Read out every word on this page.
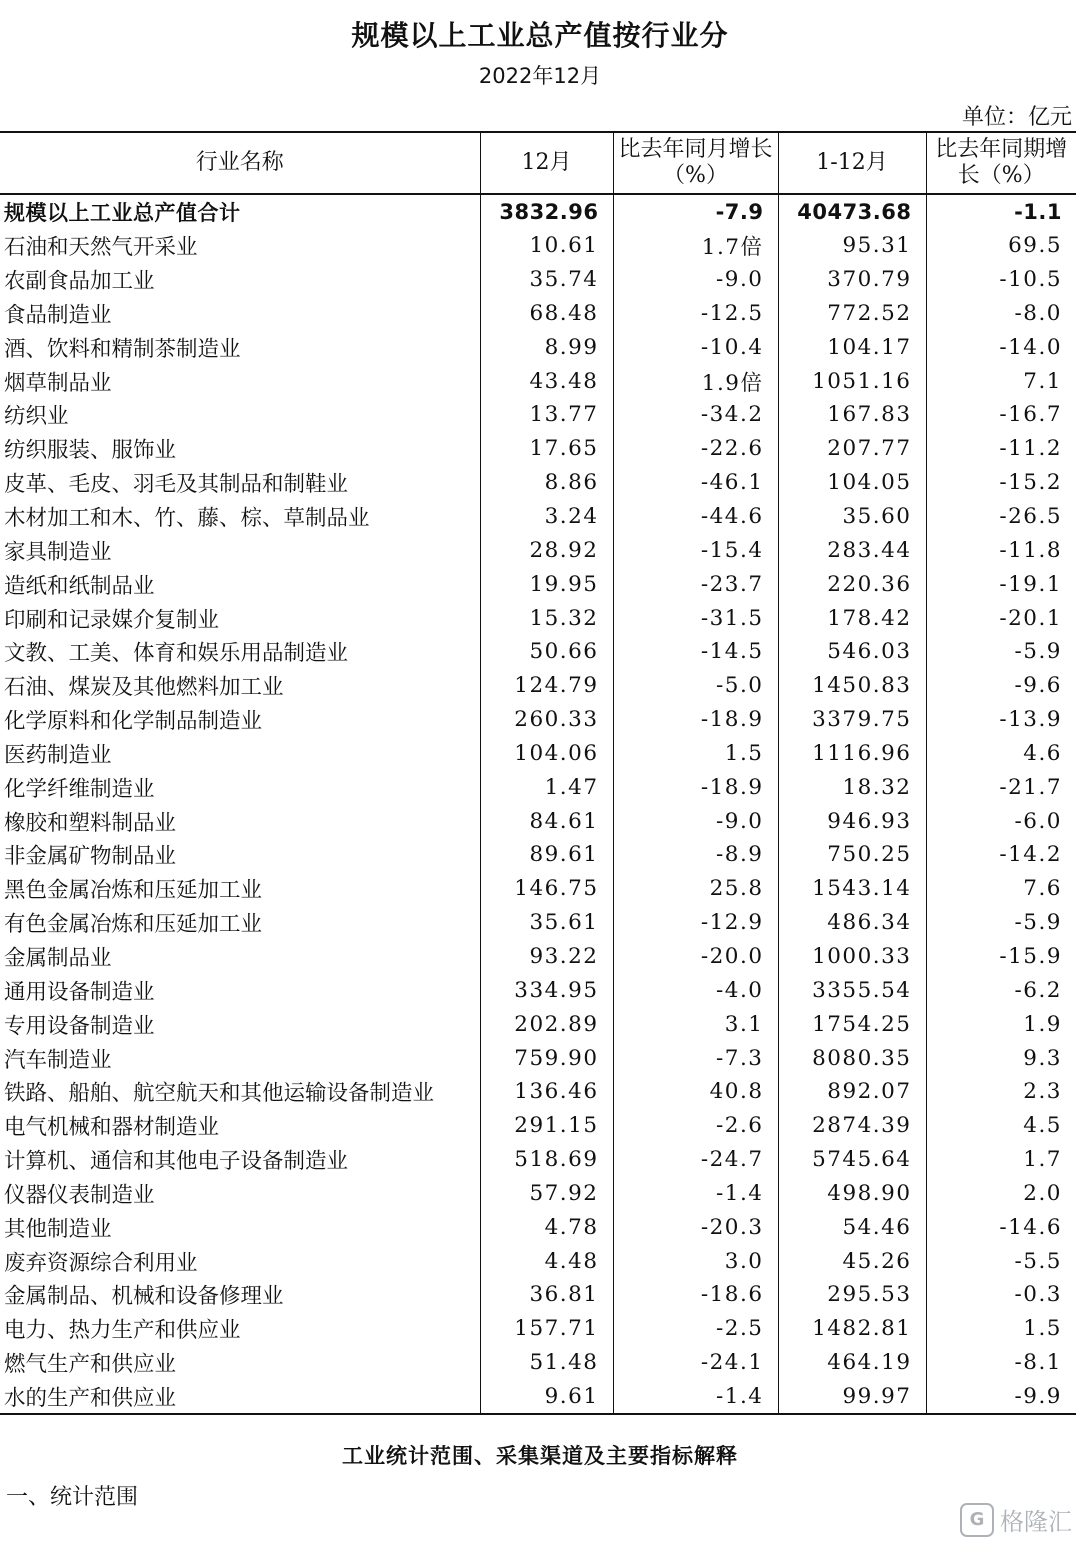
规模以上工业总产值按行业分
2022年12月
单位：亿元
行业名称	12月	比去年同月增长（%）	1-12月	比去年同期增长（%）
规模以上工业总产值合计	3832.96	-7.9	40473.68	-1.1
石油和天然气开采业	10.61	1.7倍	95.31	69.5
农副食品加工业	35.74	-9.0	370.79	-10.5
食品制造业	68.48	-12.5	772.52	-8.0
酒、饮料和精制茶制造业	8.99	-10.4	104.17	-14.0
烟草制品业	43.48	1.9倍	1051.16	7.1
纺织业	13.77	-34.2	167.83	-16.7
纺织服装、服饰业	17.65	-22.6	207.77	-11.2
皮革、毛皮、羽毛及其制品和制鞋业	8.86	-46.1	104.05	-15.2
木材加工和木、竹、藤、棕、草制品业	3.24	-44.6	35.60	-26.5
家具制造业	28.92	-15.4	283.44	-11.8
造纸和纸制品业	19.95	-23.7	220.36	-19.1
印刷和记录媒介复制业	15.32	-31.5	178.42	-20.1
文教、工美、体育和娱乐用品制造业	50.66	-14.5	546.03	-5.9
石油、煤炭及其他燃料加工业	124.79	-5.0	1450.83	-9.6
化学原料和化学制品制造业	260.33	-18.9	3379.75	-13.9
医药制造业	104.06	1.5	1116.96	4.6
化学纤维制造业	1.47	-18.9	18.32	-21.7
橡胶和塑料制品业	84.61	-9.0	946.93	-6.0
非金属矿物制品业	89.61	-8.9	750.25	-14.2
黑色金属冶炼和压延加工业	146.75	25.8	1543.14	7.6
有色金属冶炼和压延加工业	35.61	-12.9	486.34	-5.9
金属制品业	93.22	-20.0	1000.33	-15.9
通用设备制造业	334.95	-4.0	3355.54	-6.2
专用设备制造业	202.89	3.1	1754.25	1.9
汽车制造业	759.90	-7.3	8080.35	9.3
铁路、船舶、航空航天和其他运输设备制造业	136.46	40.8	892.07	2.3
电气机械和器材制造业	291.15	-2.6	2874.39	4.5
计算机、通信和其他电子设备制造业	518.69	-24.7	5745.64	1.7
仪器仪表制造业	57.92	-1.4	498.90	2.0
其他制造业	4.78	-20.3	54.46	-14.6
废弃资源综合利用业	4.48	3.0	45.26	-5.5
金属制品、机械和设备修理业	36.81	-18.6	295.53	-0.3
电力、热力生产和供应业	157.71	-2.5	1482.81	1.5
燃气生产和供应业	51.48	-24.1	464.19	-8.1
水的生产和供应业	9.61	-1.4	99.97	-9.9
工业统计范围、采集渠道及主要指标解释
一、统计范围
G 格隆汇
